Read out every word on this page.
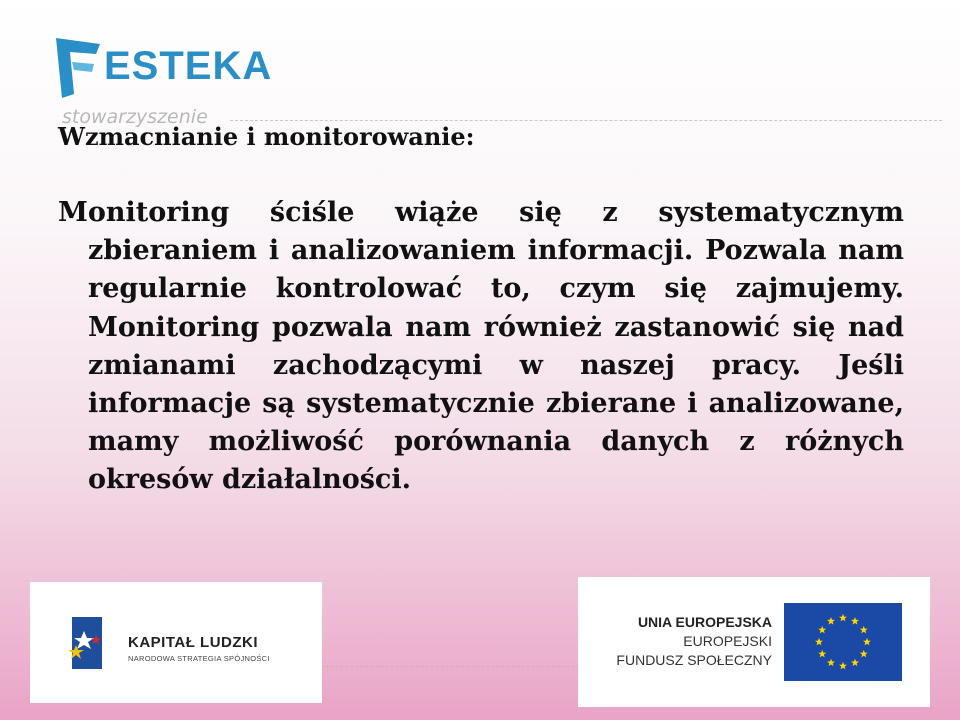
ESTEKA
stowarzyszenie
Wzmacnianie i monitorowanie:

Monitoring ściśle wiąże się z systematycznym zbieraniem i analizowaniem informacji. Pozwala nam regularnie kontrolować to, czym się zajmujemy. Monitoring pozwala nam również zastanowić się nad zmianami zachodzącymi w naszej pracy. Jeśli informacje są systematycznie zbierane i analizowane, mamy możliwość porównania danych z różnych okresów działalności.

KAPITAŁ LUDZKI
NARODOWA STRATEGIA SPÓJNOŚCI
UNIA EUROPEJSKA
EUROPEJSKI
FUNDUSZ SPOŁECZNY
